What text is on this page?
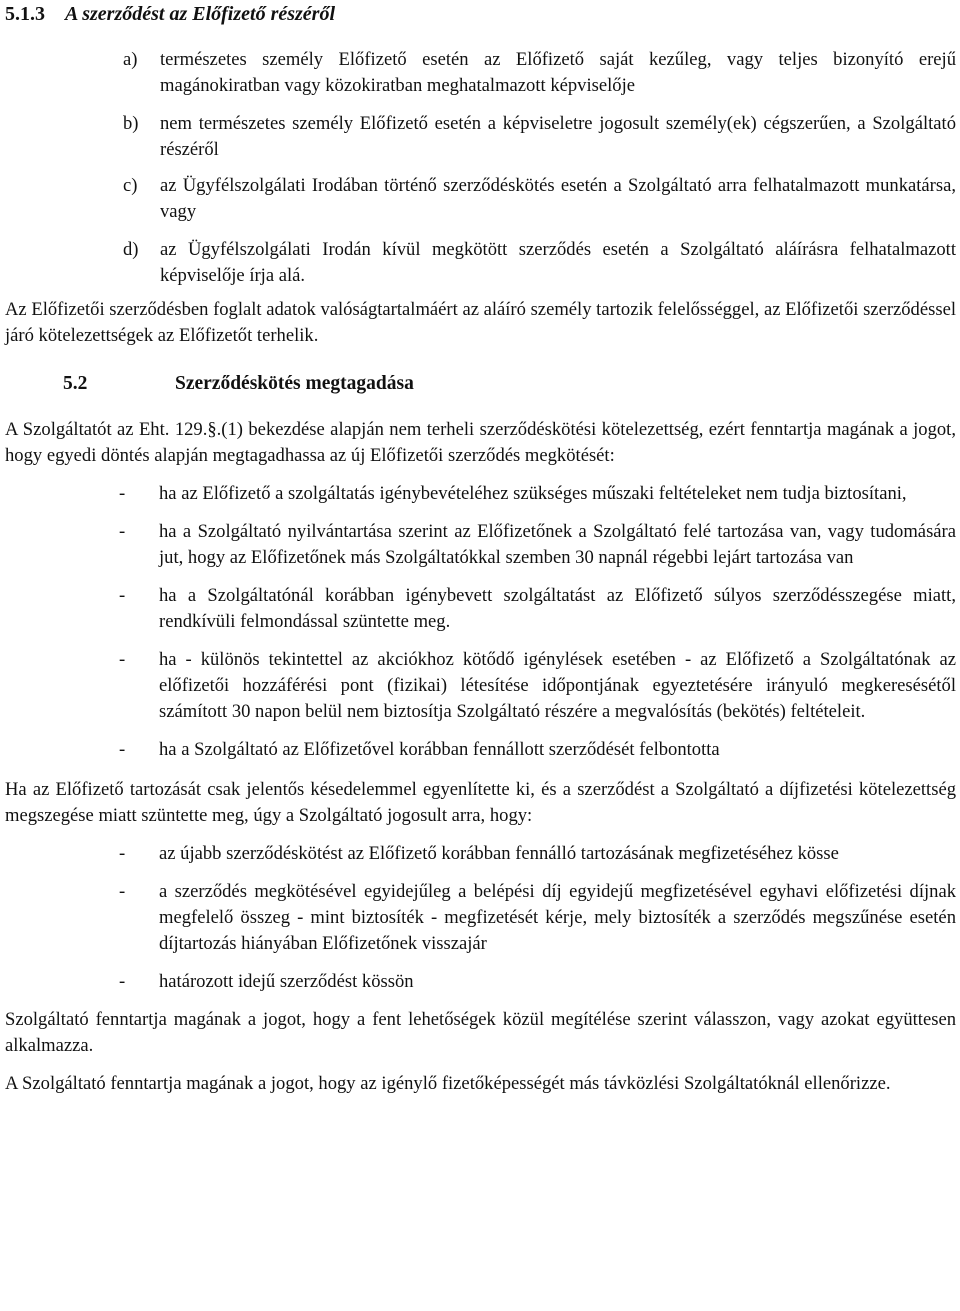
5.1.3 A szerződést az Előfizető részéről
a)	természetes személy Előfizető esetén az Előfizető saját kezűleg, vagy teljes bizonyító erejű magánokiratban vagy közokiratban meghatalmazott képviselője
b)	nem természetes személy Előfizető esetén a képviseletre jogosult személy(ek) cégszerűen, a Szolgáltató részéről
c)	az Ügyfélszolgálati Irodában történő szerződéskötés esetén a Szolgáltató arra felhatalmazott munkatársa, vagy
d)	az Ügyfélszolgálati Irodán kívül megkötött szerződés esetén a Szolgáltató aláírásra felhatalmazott képviselője írja alá.

Az Előfizetői szerződésben foglalt adatok valóságtartalmáért az aláíró személy tartozik felelősséggel, az Előfizetői szerződéssel járó kötelezettségek az Előfizetőt terhelik.

5.2	Szerződéskötés megtagadása

A Szolgáltatót az Eht. 129.§.(1) bekezdése alapján nem terheli szerződéskötési kötelezettség, ezért fenntartja magának a jogot, hogy egyedi döntés alapján megtagadhassa az új Előfizetői szerződés megkötését:

-	ha az Előfizető a szolgáltatás igénybevételéhez szükséges műszaki feltételeket nem tudja biztosítani,
-	ha a Szolgáltató nyilvántartása szerint az Előfizetőnek a Szolgáltató felé tartozása van, vagy tudomására jut, hogy az Előfizetőnek más Szolgáltatókkal szemben 30 napnál régebbi lejárt tartozása van
-	ha a Szolgáltatónál korábban igénybevett szolgáltatást az Előfizető súlyos szerződésszegése miatt, rendkívüli felmondással szüntette meg.
-	ha - különös tekintettel az akciókhoz kötődő igénylések esetében - az Előfizető a Szolgáltatónak az előfizetői hozzáférési pont (fizikai) létesítése időpontjának egyeztetésére irányuló megkeresésétől számított 30 napon belül nem biztosítja Szolgáltató részére a megvalósítás (bekötés) feltételeit.
-	ha a Szolgáltató az Előfizetővel korábban fennállott szerződését felbontotta

Ha az Előfizető tartozását csak jelentős késedelemmel egyenlítette ki, és a szerződést a Szolgáltató a díjfizetési kötelezettség megszegése miatt szüntette meg, úgy a Szolgáltató jogosult arra, hogy:

-	az újabb szerződéskötést az Előfizető korábban fennálló tartozásának megfizetéséhez kösse
-	a szerződés megkötésével egyidejűleg a belépési díj egyidejű megfizetésével egyhavi előfizetési díjnak megfelelő összeg - mint biztosíték - megfizetését kérje, mely biztosíték a szerződés megszűnése esetén díjtartozás hiányában Előfizetőnek visszajár
-	határozott idejű szerződést kössön

Szolgáltató fenntartja magának a jogot, hogy a fent lehetőségek közül megítélése szerint válasszon, vagy azokat együttesen alkalmazza.

A Szolgáltató fenntartja magának a jogot, hogy az igénylő fizetőképességét más távközlési Szolgáltatóknál ellenőrizze.
